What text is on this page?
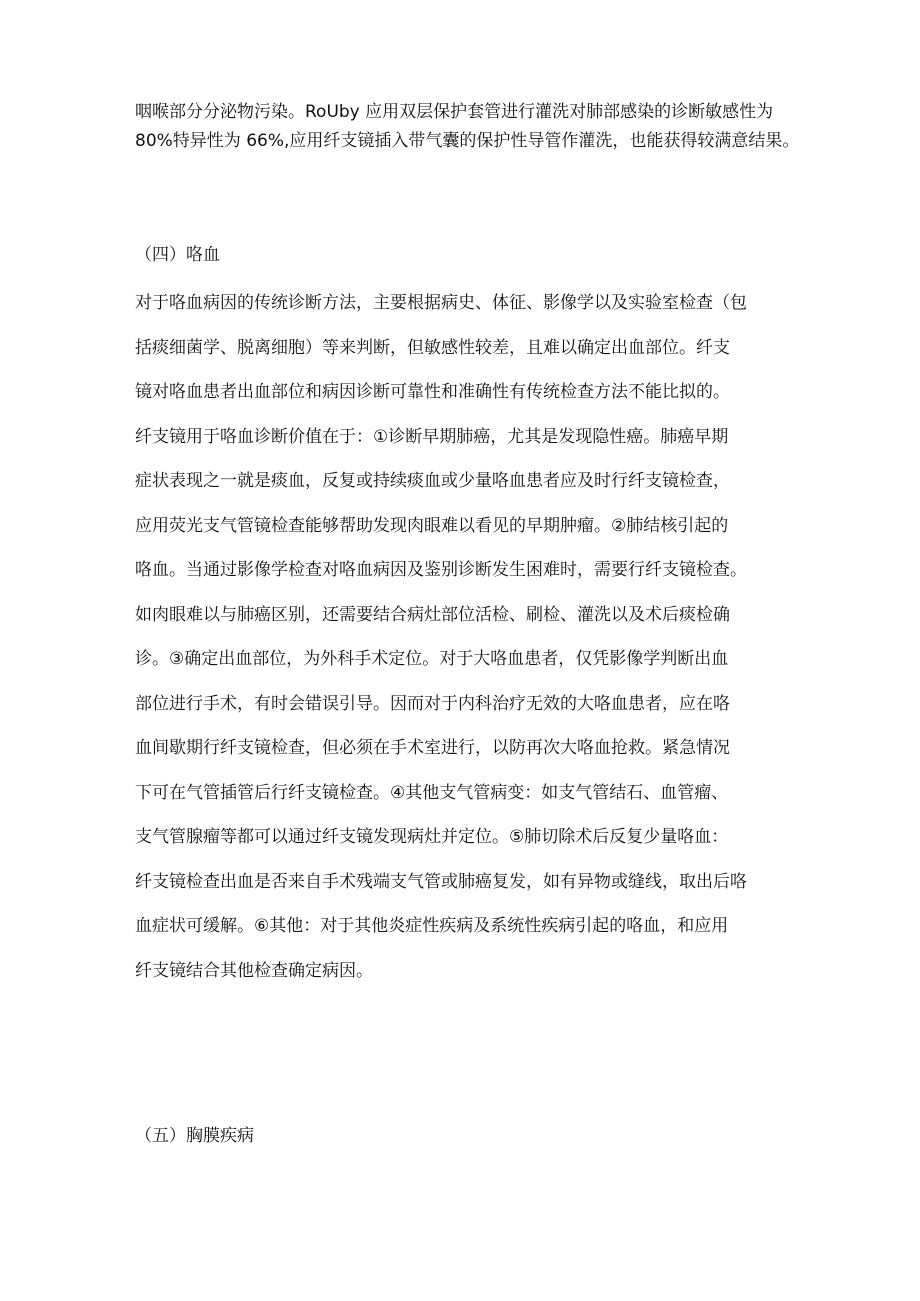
咽喉部分分泌物污染。RoUby 应用双层保护套管进行灌洗对肺部感染的诊断敏感性为 80%特异性为 66%,应用纤支镜插入带气囊的保护性导管作灌洗，也能获得较满意结果。

（四）咯血

对于咯血病因的传统诊断方法，主要根据病史、体征、影像学以及实验室检查（包
括痰细菌学、脱离细胞）等来判断，但敏感性较差，且难以确定出血部位。纤支
镜对咯血患者出血部位和病因诊断可靠性和准确性有传统检查方法不能比拟的。
纤支镜用于咯血诊断价值在于：①诊断早期肺癌，尤其是发现隐性癌。肺癌早期
症状表现之一就是痰血，反复或持续痰血或少量咯血患者应及时行纤支镜检查，
应用荧光支气管镜检查能够帮助发现肉眼难以看见的早期肿瘤。②肺结核引起的
咯血。当通过影像学检查对咯血病因及鉴别诊断发生困难时，需要行纤支镜检查。
如肉眼难以与肺癌区别，还需要结合病灶部位活检、刷检、灌洗以及术后痰检确
诊。③确定出血部位，为外科手术定位。对于大咯血患者，仅凭影像学判断出血
部位进行手术，有时会错误引导。因而对于内科治疗无效的大咯血患者，应在咯
血间歇期行纤支镜检查，但必须在手术室进行，以防再次大咯血抢救。紧急情况
下可在气管插管后行纤支镜检查。④其他支气管病变：如支气管结石、血管瘤、
支气管腺瘤等都可以通过纤支镜发现病灶并定位。⑤肺切除术后反复少量咯血：
纤支镜检查出血是否来自手术残端支气管或肺癌复发，如有异物或缝线，取出后咯
血症状可缓解。⑥其他：对于其他炎症性疾病及系统性疾病引起的咯血，和应用
纤支镜结合其他检查确定病因。

（五）胸膜疾病
